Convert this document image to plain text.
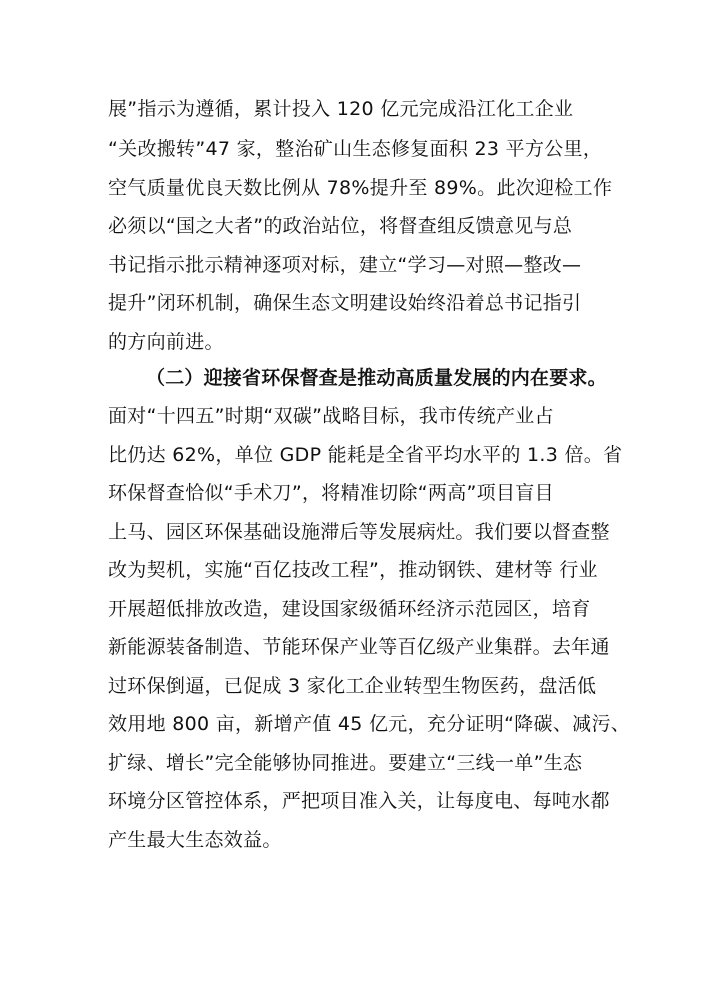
展”指示为遵循，累计投入 120 亿元完成沿江化工企业
“关改搬转”47 家，整治矿山生态修复面积 23 平方公里，
空气质量优良天数比例从 78%提升至 89%。此次迎检工作
必须以“国之大者”的政治站位，将督查组反馈意见与总
书记指示批示精神逐项对标，建立“学习—对照—整改—
提升”闭环机制，确保生态文明建设始终沿着总书记指引
的方向前进。
（二）迎接省环保督查是推动高质量发展的内在要求。
面对“十四五”时期“双碳”战略目标，我市传统产业占
比仍达 62%，单位 GDP 能耗是全省平均水平的 1.3 倍。省
环保督查恰似“手术刀”，将精准切除“两高”项目盲目
上马、园区环保基础设施滞后等发展病灶。我们要以督查整
改为契机，实施“百亿技改工程”，推动钢铁、建材等 行业
开展超低排放改造，建设国家级循环经济示范园区，培育
新能源装备制造、节能环保产业等百亿级产业集群。去年通
过环保倒逼，已促成 3 家化工企业转型生物医药，盘活低
效用地 800 亩，新增产值 45 亿元，充分证明“降碳、减污、
扩绿、增长”完全能够协同推进。要建立“三线一单”生态
环境分区管控体系，严把项目准入关，让每度电、每吨水都
产生最大生态效益。
